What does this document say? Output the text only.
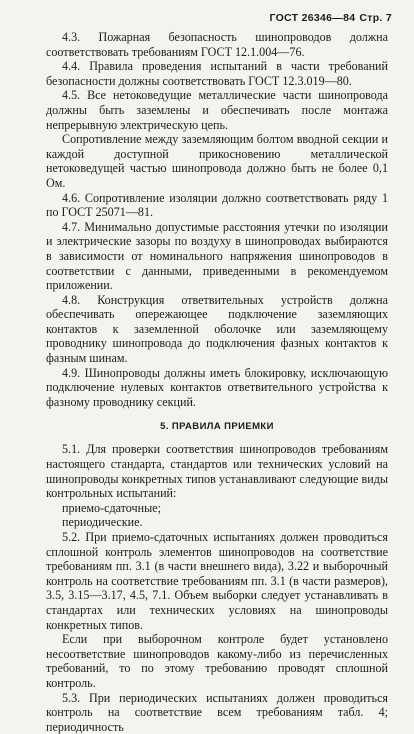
ГОСТ 26346—84 Стр. 7

4.3. Пожарная безопасность шинопроводов должна соответствовать требованиям ГОСТ 12.1.004—76.

4.4. Правила проведения испытаний в части требований безопасности должны соответствовать ГОСТ 12.3.019—80.

4.5. Все нетоковедущие металлические части шинопровода должны быть заземлены и обеспечивать после монтажа непрерывную электрическую цепь.

Сопротивление между заземляющим болтом вводной секции и каждой доступной прикосновению металлической нетоковедущей частью шинопровода должно быть не более 0,1 Ом.

4.6. Сопротивление изоляции должно соответствовать ряду 1 по ГОСТ 25071—81.

4.7. Минимально допустимые расстояния утечки по изоляции и электрические зазоры по воздуху в шинопроводах выбираются в зависимости от номинального напряжения шинопроводов в соответствии с данными, приведенными в рекомендуемом приложении.

4.8. Конструкция ответвительных устройств должна обеспечивать опережающее подключение заземляющих контактов к заземленной оболочке или заземляющему проводнику шинопровода до подключения фазных контактов к фазным шинам.

4.9. Шинопроводы должны иметь блокировку, исключающую подключение нулевых контактов ответвительного устройства к фазному проводнику секций.

5. ПРАВИЛА ПРИЕМКИ

5.1. Для проверки соответствия шинопроводов требованиям настоящего стандарта, стандартов или технических условий на шинопроводы конкретных типов устанавливают следующие виды контрольных испытаний:

приемо-сдаточные;

периодические.

5.2. При приемо-сдаточных испытаниях должен проводиться сплошной контроль элементов шинопроводов на соответствие требованиям пп. 3.1 (в части внешнего вида), 3.22 и выборочный контроль на соответствие требованиям пп. 3.1 (в части размеров), 3.5, 3.15—3.17, 4.5, 7.1. Объем выборки следует устанавливать в стандартах или технических условиях на шинопроводы конкретных типов.

Если при выборочном контроле будет установлено несоответствие шинопроводов какому-либо из перечисленных требований, то по этому требованию проводят сплошной контроль.

5.3. При периодических испытаниях должен проводиться контроль на соответствие всем требованиям табл. 4; периодичность
